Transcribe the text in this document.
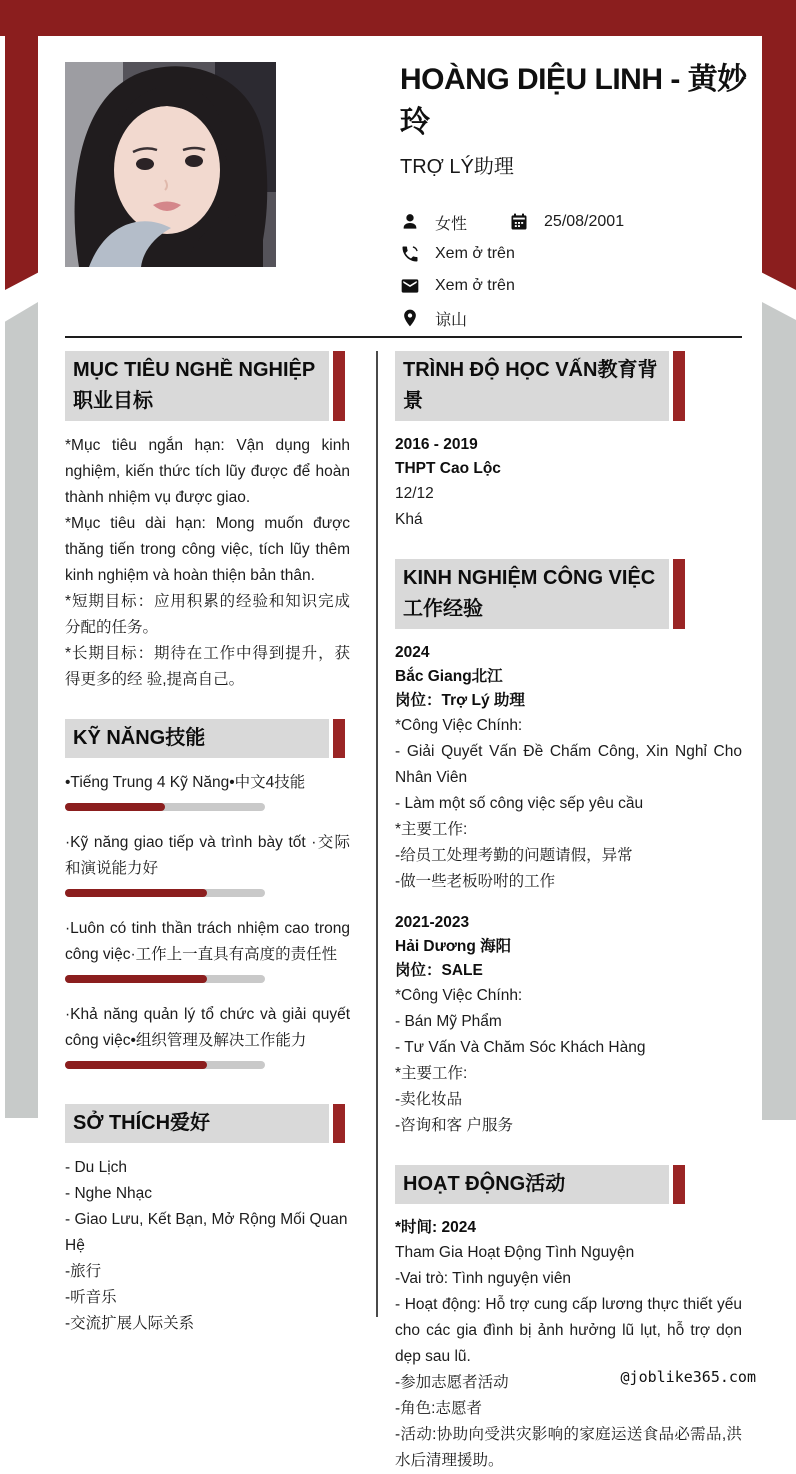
HOÀNG DIỆU LINH - 黄妙玲
TRỢ LÝ助理
女性	25/08/2001
Xem ở trên
Xem ở trên
谅山
MỤC TIÊU NGHỀ NGHIỆP职业目标

*Mục tiêu ngắn hạn: Vận dụng kinh nghiệm, kiến thức tích lũy được để hoàn thành nhiệm vụ được giao.

*Mục tiêu dài hạn: Mong muốn được thăng tiến trong công việc, tích lũy thêm kinh nghiệm và hoàn thiện bản thân.

*短期目标：应用积累的经验和知识完成分配的任务。

*长期目标：期待在工作中得到提升，获得更多的经 验,提高自己。

KỸ NĂNG技能
•Tiếng Trung 4 Kỹ Năng•中文4技能
·Kỹ năng giao tiếp và trình bày tốt ·交际和演说能力好
·Luôn có tinh thần trách nhiệm cao trong công việc·工作上一直具有高度的责任性
·Khả năng quản lý tổ chức và giải quyết công việc•组织管理及解决工作能力
SỞ THÍCH爱好

- Du Lịch

- Nghe Nhạc

- Giao Lưu, Kết Bạn, Mở Rộng Mối Quan Hệ

-旅行

-听音乐

-交流扩展人际关系

TRÌNH ĐỘ HỌC VẤN教育背景

2016 - 2019

THPT Cao Lộc

12/12

Khá

KINH NGHIỆM CÔNG VIỆC工作经验

2024

Bắc Giang北江

岗位：Trợ Lý 助理

*Công Việc Chính:

- Giải Quyết Vấn Đề Chấm Công, Xin Nghỉ Cho Nhân Viên

- Làm một số công việc sếp yêu cầu

*主要工作:

-给员工处理考勤的问题请假，异常

-做一些老板吩咐的工作

2021-2023

Hải Dương 海阳

岗位：SALE

*Công Việc Chính:

- Bán Mỹ Phẩm

- Tư Vấn Và Chăm Sóc Khách Hàng

*主要工作:

-卖化妆品

-咨询和客 户服务

HOẠT ĐỘNG活动

*时间: 2024

Tham Gia Hoạt Động Tình Nguyện

-Vai trò: Tình nguyện viên

- Hoạt động: Hỗ trợ cung cấp lương thực thiết yếu cho các gia đình bị ảnh hưởng lũ lụt, hỗ trợ dọn dẹp sau lũ.

-参加志愿者活动

-角色:志愿者

-活动:协助向受洪灾影响的家庭运送食品必需品,洪 水后清理援助。

@joblike365.com
